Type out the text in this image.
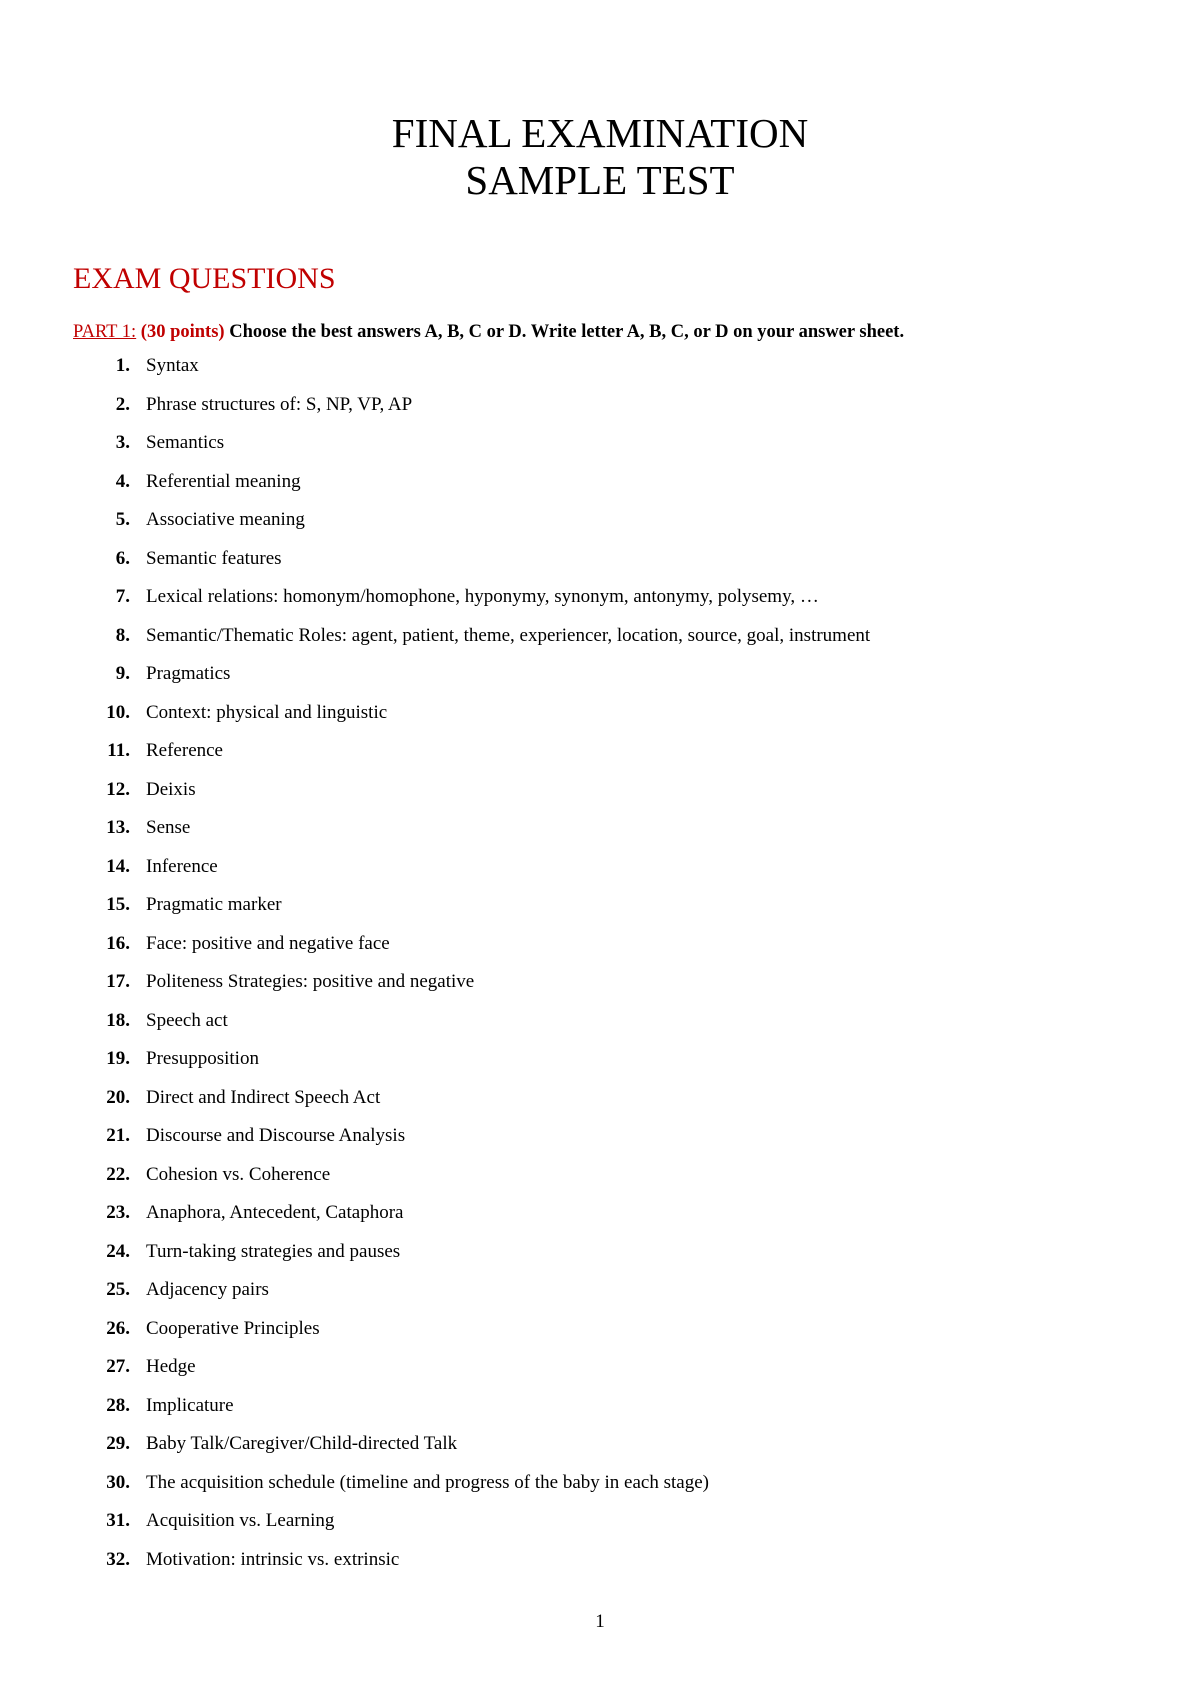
FINAL EXAMINATION
SAMPLE TEST
EXAM QUESTIONS
PART 1: (30 points) Choose the best answers A, B, C or D. Write letter A, B, C, or D on your answer sheet.
1. Syntax
2. Phrase structures of: S, NP, VP, AP
3. Semantics
4. Referential meaning
5. Associative meaning
6. Semantic features
7. Lexical relations: homonym/homophone, hyponymy, synonym, antonymy, polysemy, …
8. Semantic/Thematic Roles: agent, patient, theme, experiencer, location, source, goal, instrument
9. Pragmatics
10. Context: physical and linguistic
11. Reference
12. Deixis
13. Sense
14. Inference
15. Pragmatic marker
16. Face: positive and negative face
17. Politeness Strategies: positive and negative
18. Speech act
19. Presupposition
20. Direct and Indirect Speech Act
21. Discourse and Discourse Analysis
22. Cohesion vs. Coherence
23. Anaphora, Antecedent, Cataphora
24. Turn-taking strategies and pauses
25. Adjacency pairs
26. Cooperative Principles
27. Hedge
28. Implicature
29. Baby Talk/Caregiver/Child-directed Talk
30. The acquisition schedule (timeline and progress of the baby in each stage)
31. Acquisition vs. Learning
32. Motivation: intrinsic vs. extrinsic
1
